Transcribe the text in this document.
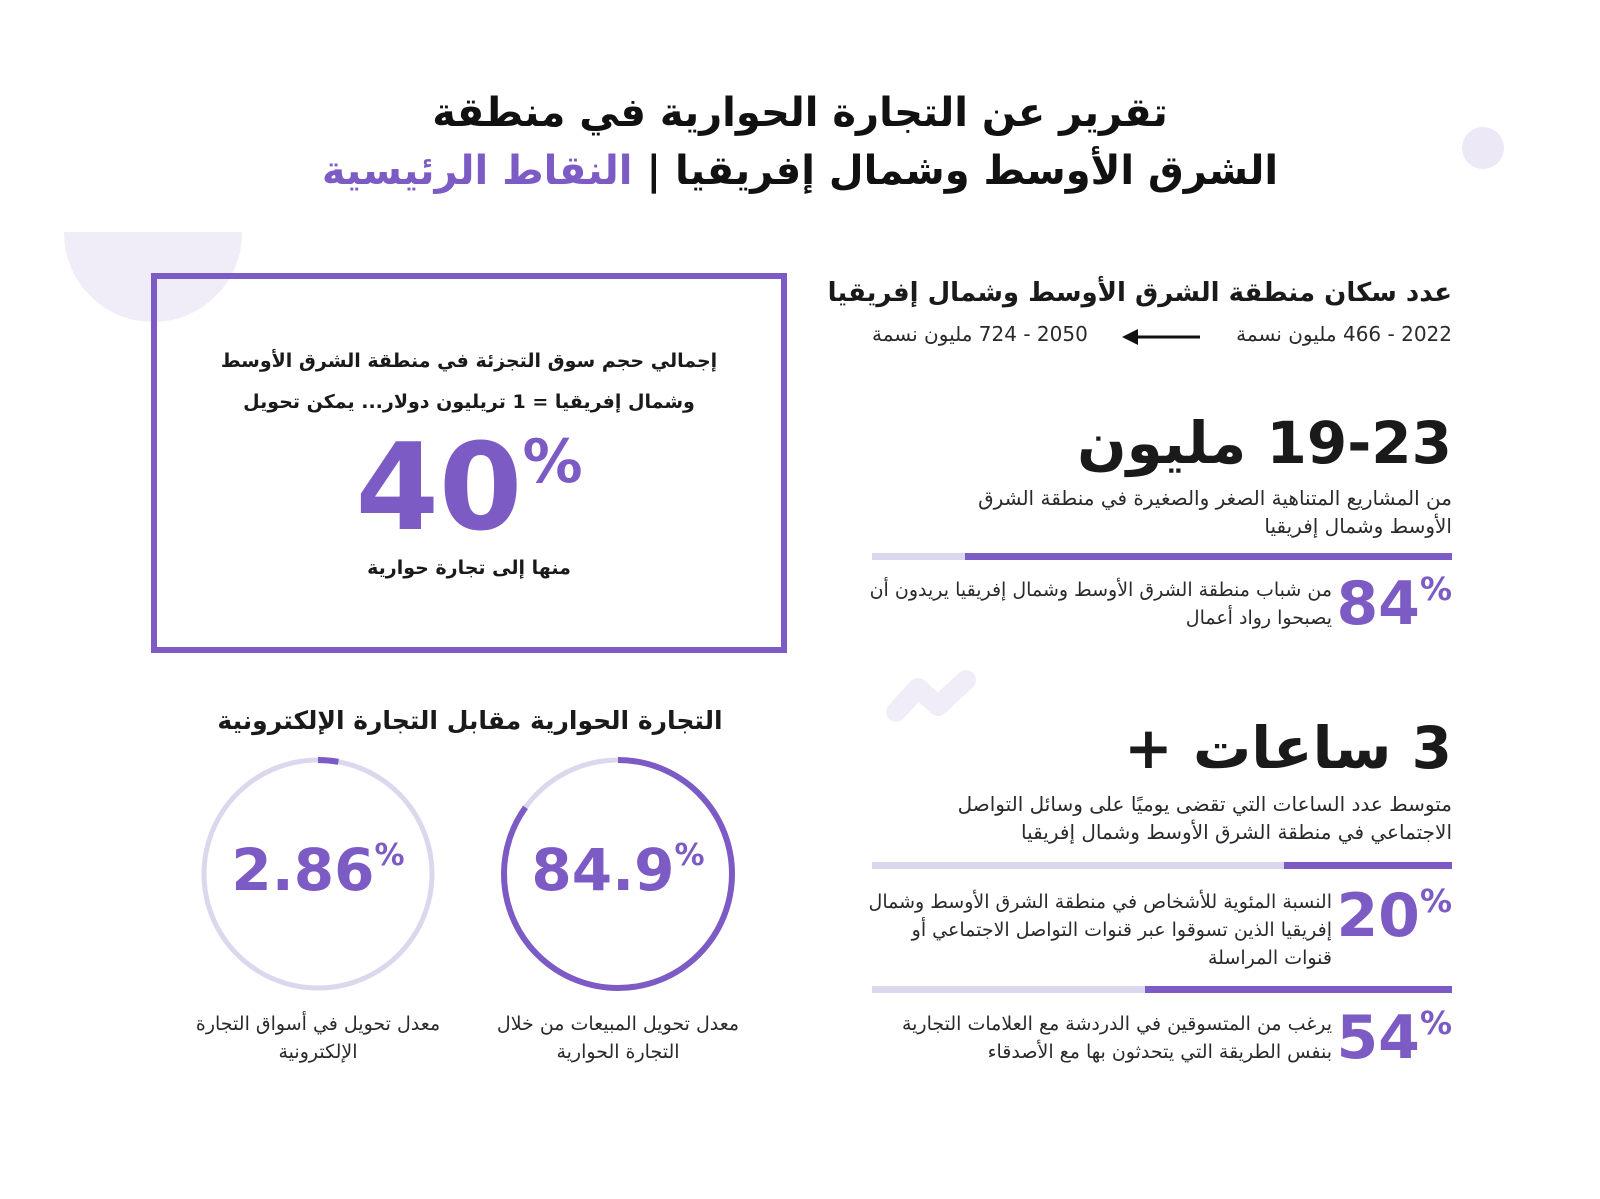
تقرير عن التجارة الحوارية في منطقة
الشرق الأوسط وشمال إفريقيا | النقاط الرئيسية
إجمالي حجم سوق التجزئة في منطقة الشرق الأوسط وشمال إفريقيا = 1 تريليون دولار... يمكن تحويل
40%
منها إلى تجارة حوارية
التجارة الحوارية مقابل التجارة الإلكترونية
2.86%
معدل تحويل في أسواق التجارة الإلكترونية
84.9%
معدل تحويل المبيعات من خلال التجارة الحوارية
عدد سكان منطقة الشرق الأوسط وشمال إفريقيا
2022 - 466 مليون نسمة
2050 - 724 مليون نسمة
19-23 مليون
من المشاريع المتناهية الصغر والصغيرة في منطقة الشرق الأوسط وشمال إفريقيا
84%
من شباب منطقة الشرق الأوسط وشمال إفريقيا يريدون أن يصبحوا رواد أعمال
3 ساعات +
متوسط عدد الساعات التي تقضى يوميًا على وسائل التواصل الاجتماعي في منطقة الشرق الأوسط وشمال إفريقيا
20%
النسبة المئوية للأشخاص في منطقة الشرق الأوسط وشمال إفريقيا الذين تسوقوا عبر قنوات التواصل الاجتماعي أو قنوات المراسلة
54%
يرغب من المتسوقين في الدردشة مع العلامات التجارية بنفس الطريقة التي يتحدثون بها مع الأصدقاء
